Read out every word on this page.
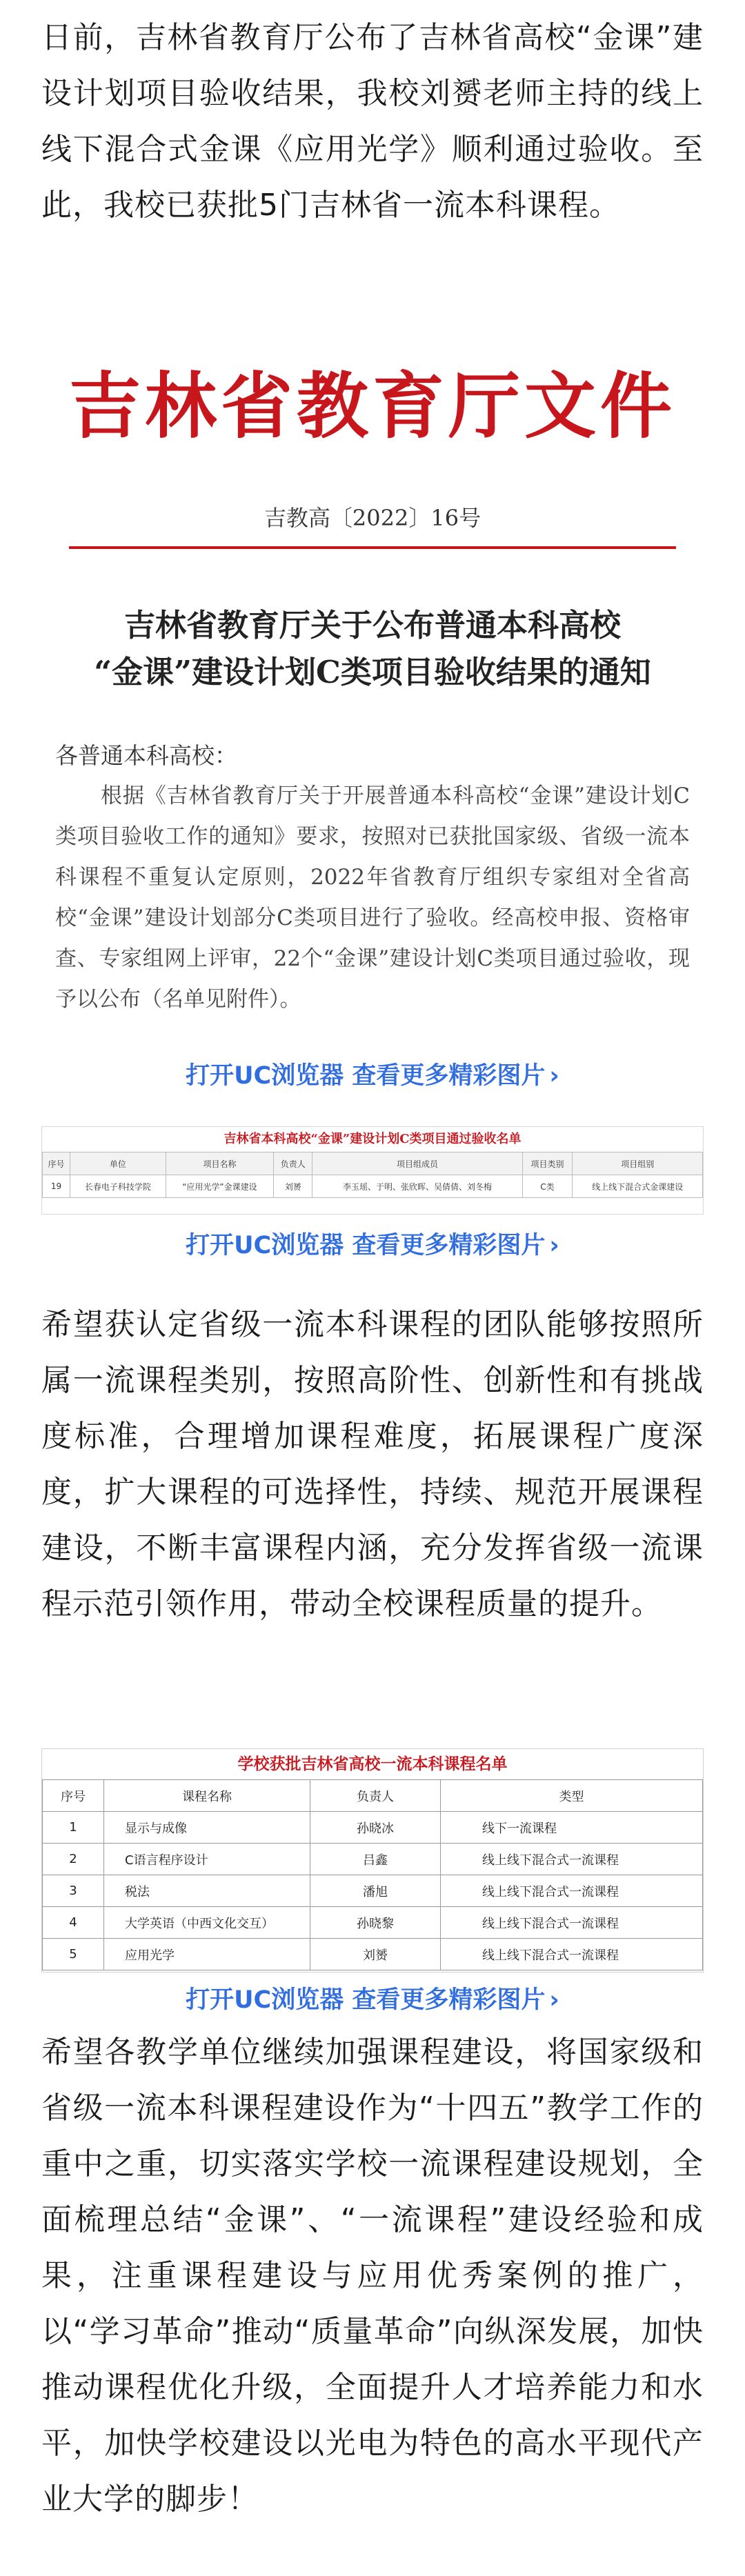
日前，吉林省教育厅公布了吉林省高校“金课”建设计划项目验收结果，我校刘赟老师主持的线上线下混合式金课《应用光学》顺利通过验收。至此，我校已获批5门吉林省一流本科课程。

吉林省教育厅文件
吉教高〔2022〕16号
吉林省教育厅关于公布普通本科高校
“金课”建设计划C类项目验收结果的通知
各普通本科高校：

根据《吉林省教育厅关于开展普通本科高校“金课”建设计划C类项目验收工作的通知》要求，按照对已获批国家级、省级一流本科课程不重复认定原则，2022年省教育厅组织专家组对全省高校“金课”建设计划部分C类项目进行了验收。经高校申报、资格审查、专家组网上评审，22个“金课”建设计划C类项目通过验收，现予以公布（名单见附件）。

打开UC浏览器 查看更多精彩图片 ›
吉林省本科高校“金课”建设计划C类项目通过验收名单
序号	单位	项目名称	负责人	项目组成员	项目类别	项目组别
19	长春电子科技学院	“应用光学”金课建设	刘赟	李玉瑶、于明、张欣晖、吴倩倩、刘冬梅	C类	线上线下混合式金课建设
打开UC浏览器 查看更多精彩图片 ›

希望获认定省级一流本科课程的团队能够按照所属一流课程类别，按照高阶性、创新性和有挑战度标准，合理增加课程难度，拓展课程广度深度，扩大课程的可选择性，持续、规范开展课程建设，不断丰富课程内涵，充分发挥省级一流课程示范引领作用，带动全校课程质量的提升。

学校获批吉林省高校一流本科课程名单
序号	课程名称	负责人	类型
1	显示与成像	孙晓冰	线下一流课程
2	C语言程序设计	吕鑫	线上线下混合式一流课程
3	税法	潘旭	线上线下混合式一流课程
4	大学英语（中西文化交互）	孙晓黎	线上线下混合式一流课程
5	应用光学	刘赟	线上线下混合式一流课程
打开UC浏览器 查看更多精彩图片 ›

希望各教学单位继续加强课程建设，将国家级和省级一流本科课程建设作为“十四五”教学工作的重中之重，切实落实学校一流课程建设规划，全面梳理总结“金课”、“一流课程”建设经验和成果，注重课程建设与应用优秀案例的推广，以“学习革命”推动“质量革命”向纵深发展，加快推动课程优化升级，全面提升人才培养能力和水平，加快学校建设以光电为特色的高水平现代产业大学的脚步！
